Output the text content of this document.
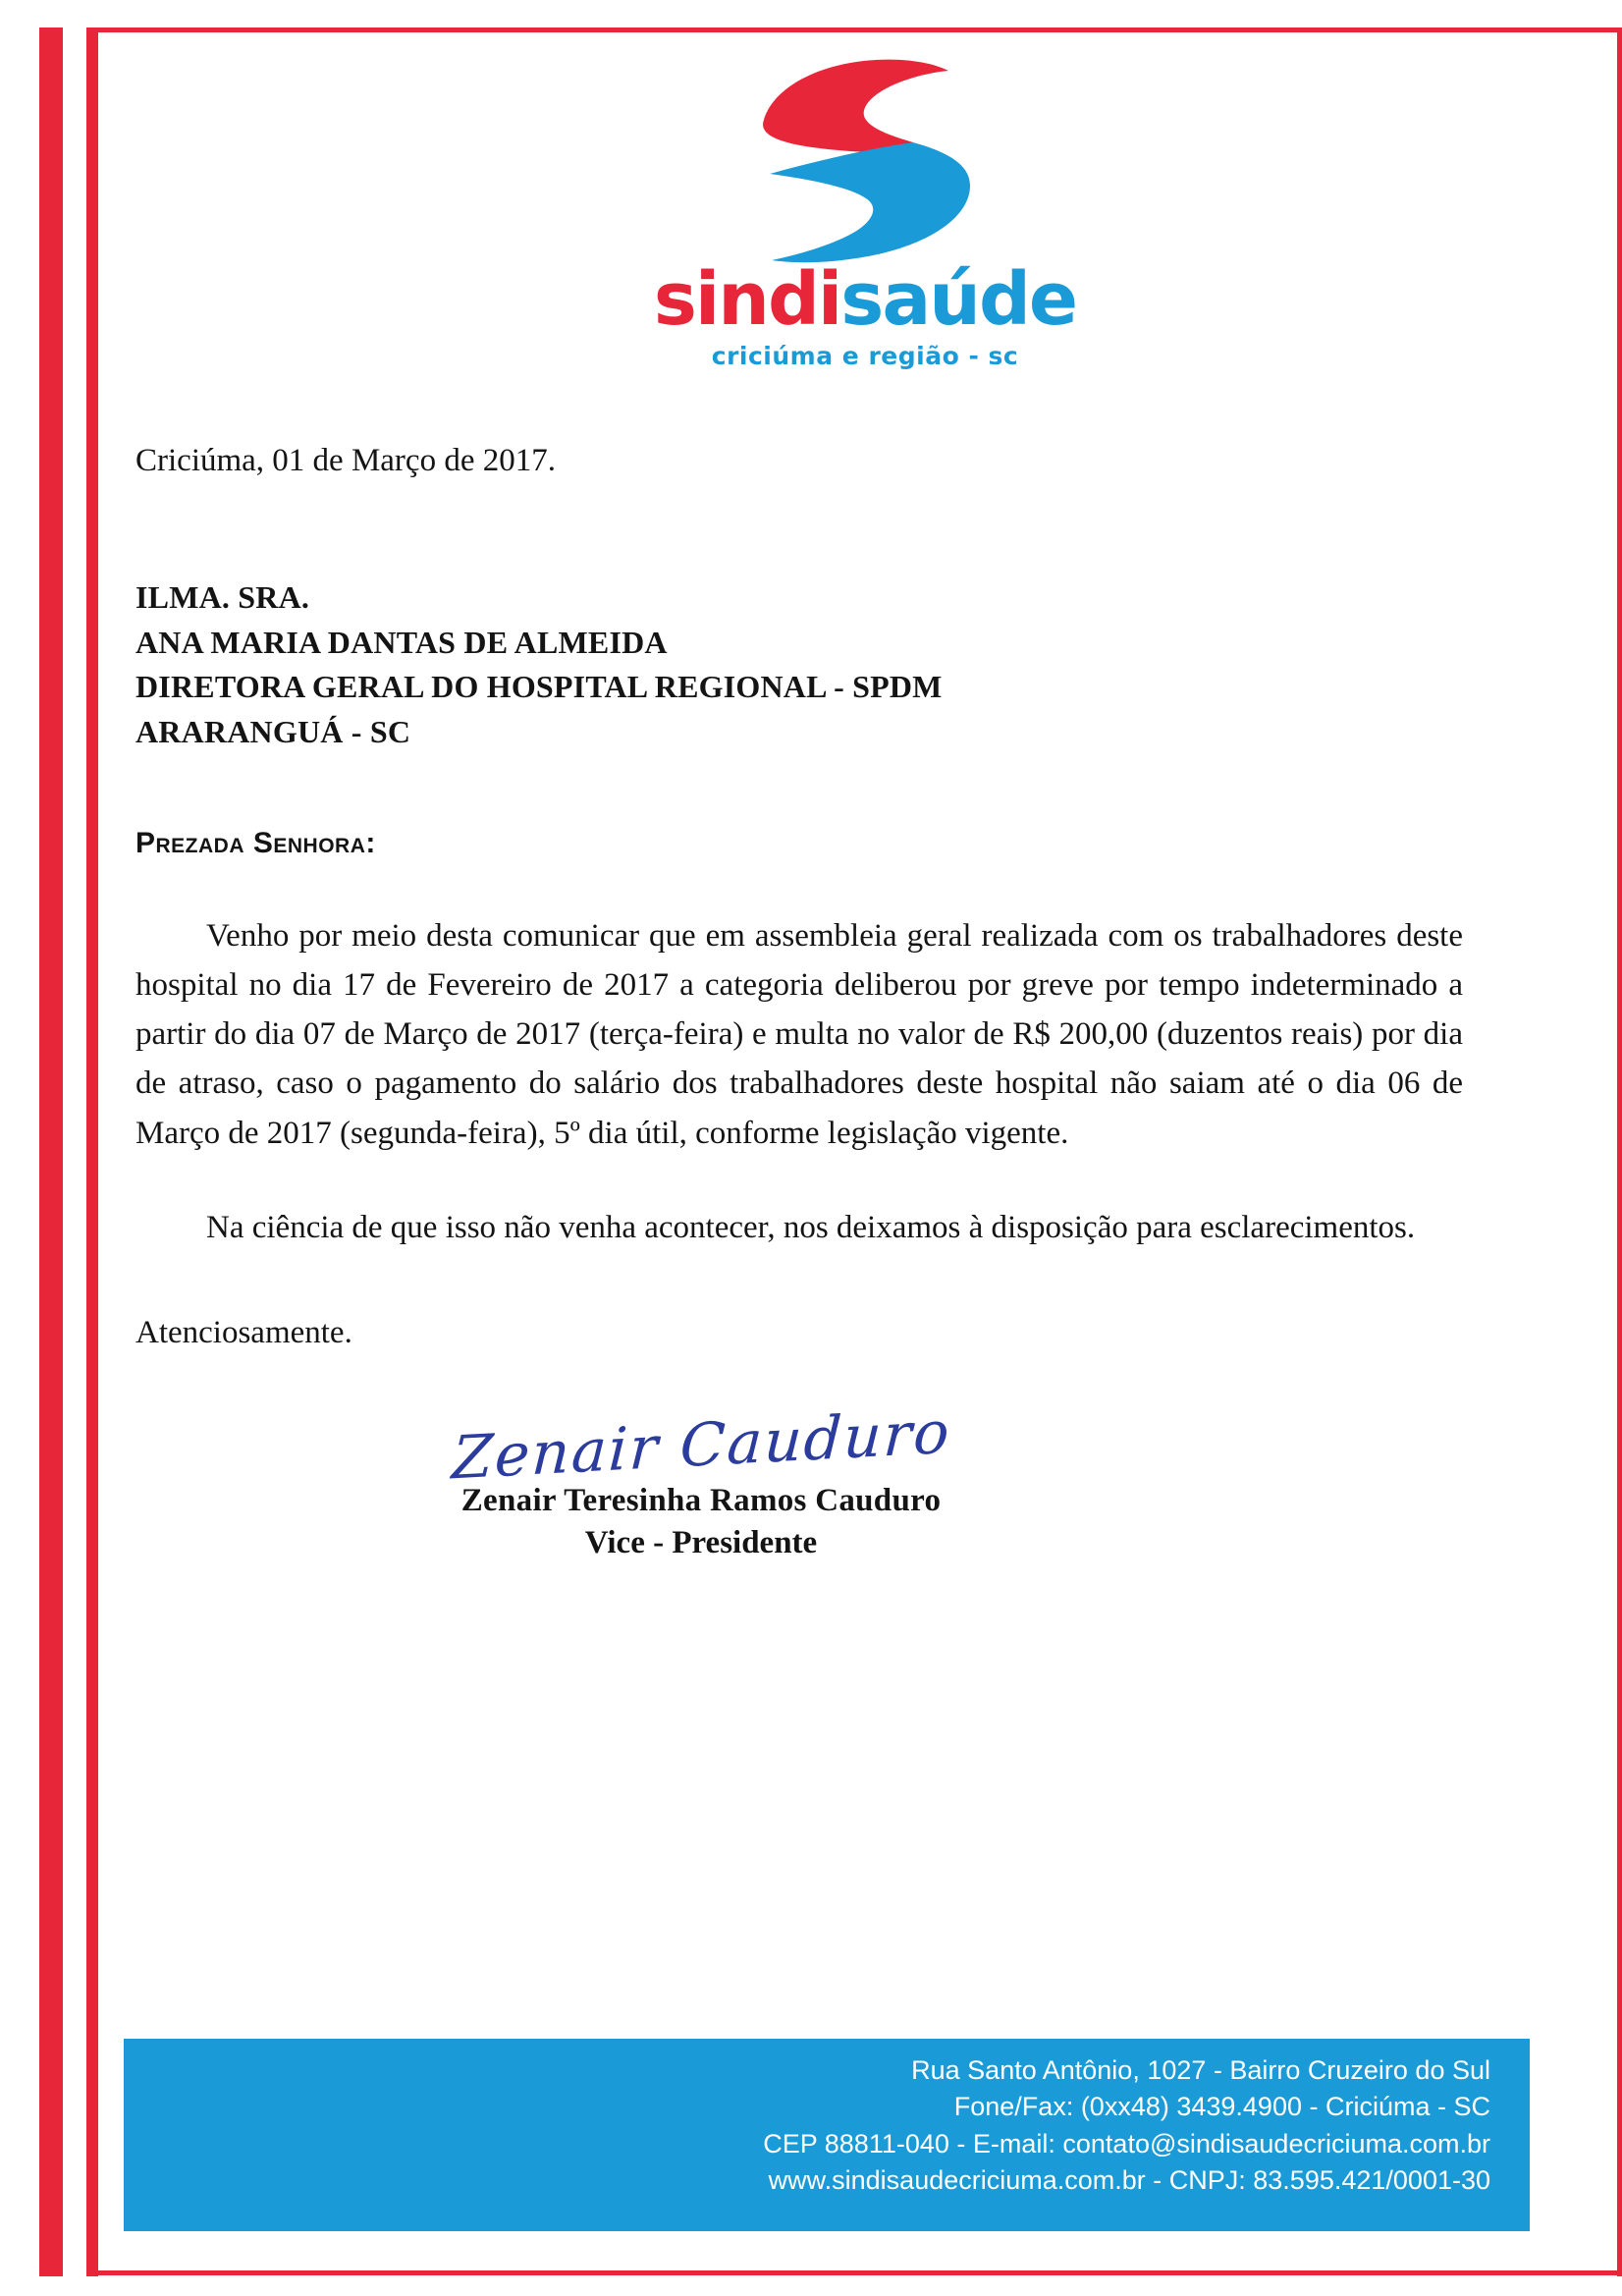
sindisaúde
criciúma e região - sc
Criciúma, 01 de Março de 2017.
ILMA. SRA.
ANA MARIA DANTAS DE ALMEIDA
DIRETORA GERAL DO HOSPITAL REGIONAL - SPDM
ARARANGUÁ - SC
Prezada Senhora:
Venho por meio desta comunicar que em assembleia geral realizada com os trabalhadores deste hospital no dia 17 de Fevereiro de 2017 a categoria deliberou por greve por tempo indeterminado a partir do dia 07 de Março de 2017 (terça-feira) e multa no valor de R$ 200,00 (duzentos reais) por dia de atraso, caso o pagamento do salário dos trabalhadores deste hospital não saiam até o dia 06 de Março de 2017 (segunda-feira), 5º dia útil, conforme legislação vigente.
Na ciência de que isso não venha acontecer, nos deixamos à disposição para esclarecimentos.
Atenciosamente.
Zenair Cauduro
Zenair Teresinha Ramos Cauduro
Vice - Presidente
Rua Santo Antônio, 1027 - Bairro Cruzeiro do Sul
Fone/Fax: (0xx48) 3439.4900 - Criciúma - SC
CEP 88811-040 - E-mail: contato@sindisaudecriciuma.com.br
www.sindisaudecriciuma.com.br - CNPJ: 83.595.421/0001-30
